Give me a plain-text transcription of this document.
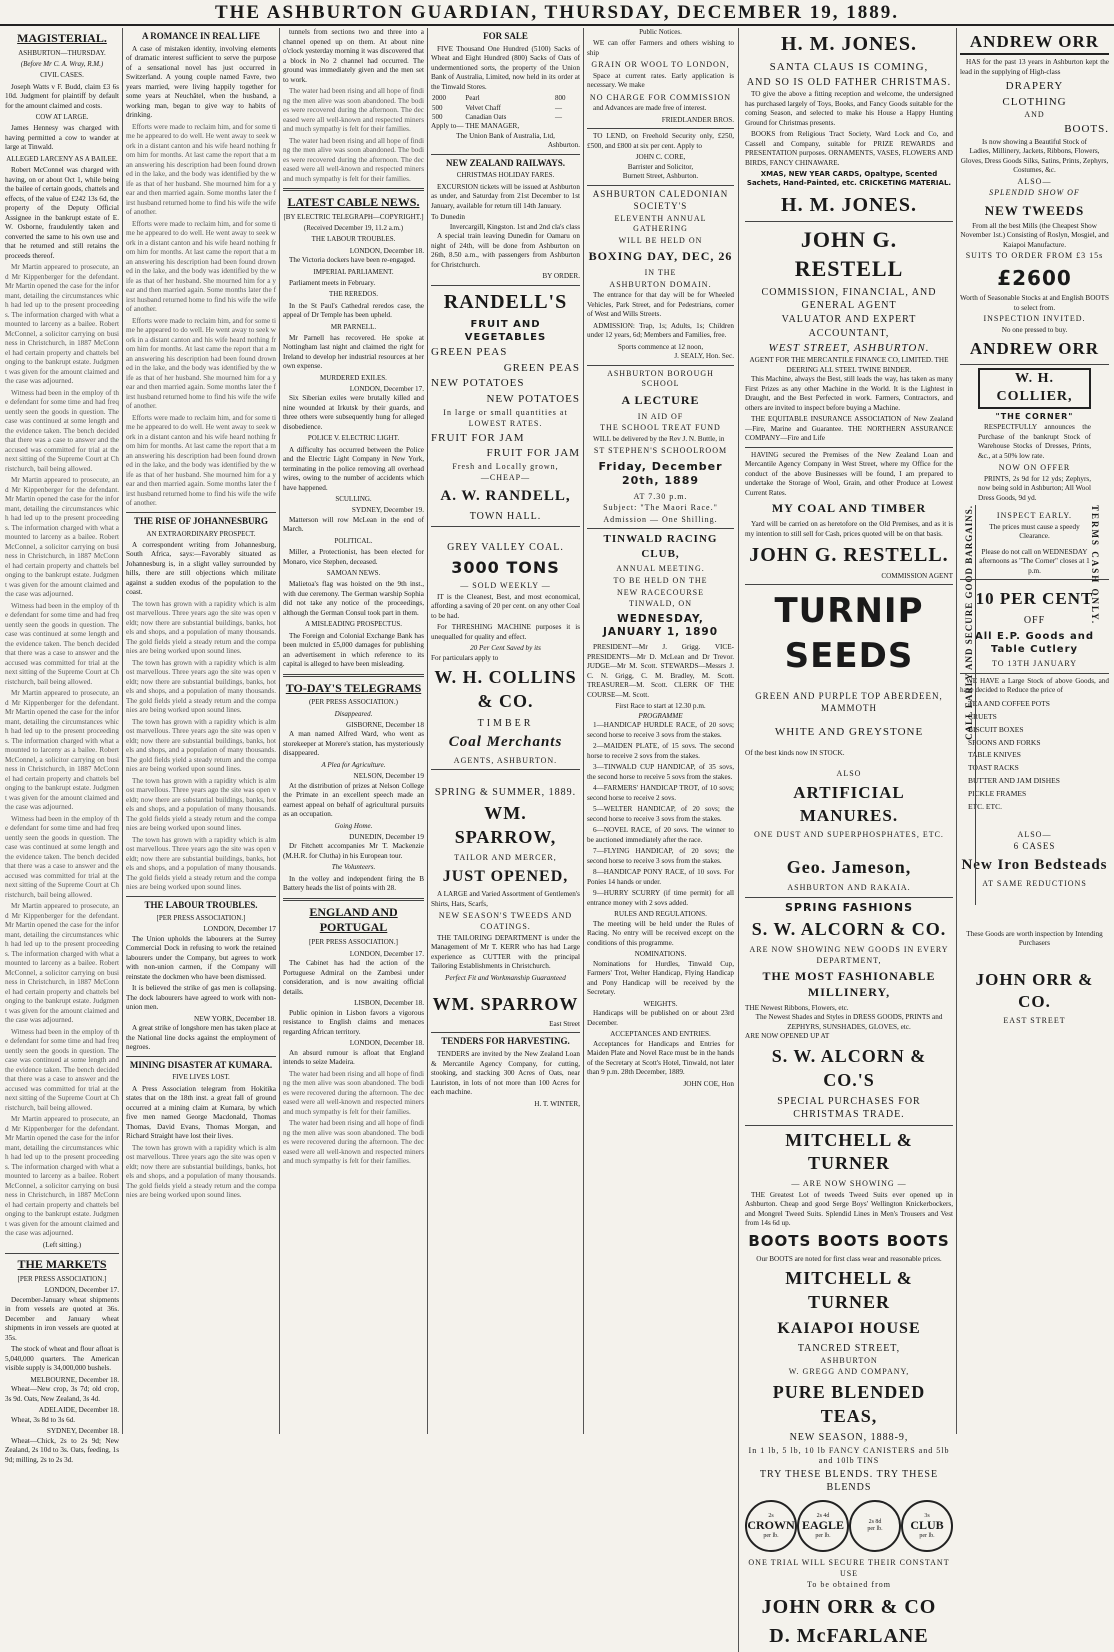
THE ASHBURTON GUARDIAN, THURSDAY, DECEMBER 19, 1889.
MAGISTERIAL.
ASHBURTON—THURSDAY.
(Before Mr C. A. Wray, R.M.)
CIVIL CASES.

Joseph Watts v F. Budd, claim £3 6s 10d. Judgment for plaintiff by default for the amount claimed and costs.

COW AT LARGE.

James Hennesy was charged with having permitted a cow to wander at large at Tinwald.

ALLEGED LARCENY AS A BAILEE.

Robert McConnel was charged with having, on or about Oct 1, while being the bailee of certain goods, chattels and effects, of the value of £242 13s 6d, the property of the Deputy Official Assignee in the bankrupt estate of E. W. Osborne, fraudulently taken and converted the same to his own use and that he returned and still retains the proceeds thereof.

Mr Martin appeared to prosecute, and Mr Kippenberger for the defendant. Mr Martin opened the case for the informant, detailing the circumstances which had led up to the present proceedings. The information charged with what amounted to larceny as a bailee. Robert McConnel, a solicitor carrying on business in Christchurch, in 1887 McConnel had certain property and chattels belonging to the bankrupt estate. Judgment was given for the amount claimed and the case was adjourned.

Witness had been in the employ of the defendant for some time and had frequently seen the goods in question. The case was continued at some length and the evidence taken. The bench decided that there was a case to answer and the accused was committed for trial at the next sitting of the Supreme Court at Christchurch, bail being allowed.

Mr Martin appeared to prosecute, and Mr Kippenberger for the defendant. Mr Martin opened the case for the informant, detailing the circumstances which had led up to the present proceedings. The information charged with what amounted to larceny as a bailee. Robert McConnel, a solicitor carrying on business in Christchurch, in 1887 McConnel had certain property and chattels belonging to the bankrupt estate. Judgment was given for the amount claimed and the case was adjourned.

Witness had been in the employ of the defendant for some time and had frequently seen the goods in question. The case was continued at some length and the evidence taken. The bench decided that there was a case to answer and the accused was committed for trial at the next sitting of the Supreme Court at Christchurch, bail being allowed.

Mr Martin appeared to prosecute, and Mr Kippenberger for the defendant. Mr Martin opened the case for the informant, detailing the circumstances which had led up to the present proceedings. The information charged with what amounted to larceny as a bailee. Robert McConnel, a solicitor carrying on business in Christchurch, in 1887 McConnel had certain property and chattels belonging to the bankrupt estate. Judgment was given for the amount claimed and the case was adjourned.

Witness had been in the employ of the defendant for some time and had frequently seen the goods in question. The case was continued at some length and the evidence taken. The bench decided that there was a case to answer and the accused was committed for trial at the next sitting of the Supreme Court at Christchurch, bail being allowed.

Mr Martin appeared to prosecute, and Mr Kippenberger for the defendant. Mr Martin opened the case for the informant, detailing the circumstances which had led up to the present proceedings. The information charged with what amounted to larceny as a bailee. Robert McConnel, a solicitor carrying on business in Christchurch, in 1887 McConnel had certain property and chattels belonging to the bankrupt estate. Judgment was given for the amount claimed and the case was adjourned.

Witness had been in the employ of the defendant for some time and had frequently seen the goods in question. The case was continued at some length and the evidence taken. The bench decided that there was a case to answer and the accused was committed for trial at the next sitting of the Supreme Court at Christchurch, bail being allowed.

Mr Martin appeared to prosecute, and Mr Kippenberger for the defendant. Mr Martin opened the case for the informant, detailing the circumstances which had led up to the present proceedings. The information charged with what amounted to larceny as a bailee. Robert McConnel, a solicitor carrying on business in Christchurch, in 1887 McConnel had certain property and chattels belonging to the bankrupt estate. Judgment was given for the amount claimed and the case was adjourned.

(Left sitting.)
THE MARKETS
[PER PRESS ASSOCIATION.]
LONDON, December 17.

December-January wheat shipments in from vessels are quoted at 36s. December and January wheat shipments in iron vessels are quoted at 35s.

The stock of wheat and flour afloat is 5,040,000 quarters. The American visible supply is 34,000,000 bushels.

MELBOURNE, December 18.

Wheat—New crop, 3s 7d; old crop, 3s 9d. Oats, New Zealand, 3s 4d.

ADELAIDE, December 18.

Wheat, 3s 8d to 3s 6d.

SYDNEY, December 18.

Wheat—Chick, 2s to 2s 9d; New Zealand, 2s 10d to 3s. Oats, feeding, 1s 9d; milling, 2s to 2s 3d.

A ROMANCE IN REAL LIFE

A case of mistaken identity, involving elements of dramatic interest sufficient to serve the purpose of a sensational novel has just occurred in Switzerland. A young couple named Favre, two years married, were living happily together for some years at Neuchâtel, when the husband, a working man, began to give way to habits of drinking.

Efforts were made to reclaim him, and for some time he appeared to do well. He went away to seek work in a distant canton and his wife heard nothing from him for months. At last came the report that a man answering his description had been found drowned in the lake, and the body was identified by the wife as that of her husband. She mourned him for a year and then married again. Some months later the first husband returned home to find his wife the wife of another.

Efforts were made to reclaim him, and for some time he appeared to do well. He went away to seek work in a distant canton and his wife heard nothing from him for months. At last came the report that a man answering his description had been found drowned in the lake, and the body was identified by the wife as that of her husband. She mourned him for a year and then married again. Some months later the first husband returned home to find his wife the wife of another.

Efforts were made to reclaim him, and for some time he appeared to do well. He went away to seek work in a distant canton and his wife heard nothing from him for months. At last came the report that a man answering his description had been found drowned in the lake, and the body was identified by the wife as that of her husband. She mourned him for a year and then married again. Some months later the first husband returned home to find his wife the wife of another.

Efforts were made to reclaim him, and for some time he appeared to do well. He went away to seek work in a distant canton and his wife heard nothing from him for months. At last came the report that a man answering his description had been found drowned in the lake, and the body was identified by the wife as that of her husband. She mourned him for a year and then married again. Some months later the first husband returned home to find his wife the wife of another.

THE RISE OF JOHANNESBURG
AN EXTRAORDINARY PROSPECT.

A correspondent writing from Johannesburg, South Africa, says:—Favorably situated as Johannesburg is, in a slight valley surrounded by hills, there are still objections which militate against a sudden exodus of the population to the coast.

The town has grown with a rapidity which is almost marvellous. Three years ago the site was open veldt; now there are substantial buildings, banks, hotels and shops, and a population of many thousands. The gold fields yield a steady return and the companies are being worked upon sound lines.

The town has grown with a rapidity which is almost marvellous. Three years ago the site was open veldt; now there are substantial buildings, banks, hotels and shops, and a population of many thousands. The gold fields yield a steady return and the companies are being worked upon sound lines.

The town has grown with a rapidity which is almost marvellous. Three years ago the site was open veldt; now there are substantial buildings, banks, hotels and shops, and a population of many thousands. The gold fields yield a steady return and the companies are being worked upon sound lines.

The town has grown with a rapidity which is almost marvellous. Three years ago the site was open veldt; now there are substantial buildings, banks, hotels and shops, and a population of many thousands. The gold fields yield a steady return and the companies are being worked upon sound lines.

The town has grown with a rapidity which is almost marvellous. Three years ago the site was open veldt; now there are substantial buildings, banks, hotels and shops, and a population of many thousands. The gold fields yield a steady return and the companies are being worked upon sound lines.

THE LABOUR TROUBLES.
[PER PRESS ASSOCIATION.]
LONDON, December 17

The Union upholds the labourers at the Surrey Commercial Dock in refusing to work the retained labourers under the Company, but agrees to work with non-union carmen, if the Company will reinstate the dockmen who have been dismissed.

It is believed the strike of gas men is collapsing. The dock labourers have agreed to work with non-union men.

NEW YORK, December 18.

A great strike of longshore men has taken place at the National line docks against the employment of negroes.

MINING DISASTER AT KUMARA.
FIVE LIVES LOST.

A Press Association telegram from Hokitika states that on the 18th inst. a great fall of ground occurred at a mining claim at Kumara, by which five men named George Macdonald, Thomas Thomas, David Evans, Thomas Morgan, and Richard Straight have lost their lives.

The town has grown with a rapidity which is almost marvellous. Three years ago the site was open veldt; now there are substantial buildings, banks, hotels and shops, and a population of many thousands. The gold fields yield a steady return and the companies are being worked upon sound lines.

tunnels from sections two and three into a channel opened up on them. At about nine o'clock yesterday morning it was discovered that a block in No 2 channel had occurred. The ground was immediately given and the men set to work.

The water had been rising and all hope of finding the men alive was soon abandoned. The bodies were recovered during the afternoon. The deceased were all well-known and respected miners and much sympathy is felt for their families.

The water had been rising and all hope of finding the men alive was soon abandoned. The bodies were recovered during the afternoon. The deceased were all well-known and respected miners and much sympathy is felt for their families.

LATEST CABLE NEWS.
[BY ELECTRIC TELEGRAPH—COPYRIGHT.]
(Received December 19, 11.2 a.m.)
THE LABOUR TROUBLES.
LONDON, December 18.

The Victoria dockers have been re-engaged.

IMPERIAL PARLIAMENT.

Parliament meets in February.

THE REREDOS.

In the St Paul's Cathedral reredos case, the appeal of Dr Temple has been upheld.

MR PARNELL.

Mr Parnell has recovered. He spoke at Nottingham last night and claimed the right for Ireland to develop her industrial resources at her own expense.

MURDERED EXILES.
LONDON, December 17.

Six Siberian exiles were brutally killed and nine wounded at Irkutsk by their guards, and three others were subsequently hung for alleged disobedience.

POLICE V. ELECTRIC LIGHT.

A difficulty has occurred between the Police and the Electric Light Company in New York, terminating in the police removing all overhead wires, owing to the number of accidents which have happened.

SCULLING.
SYDNEY, December 19.

Matterson will row McLean in the end of March.

POLITICAL.

Miller, a Protectionist, has been elected for Monaro, vice Stephen, deceased.

SAMOAN NEWS.

Malietoa's flag was hoisted on the 9th inst., with due ceremony. The German warship Sophia did not take any notice of the proceedings, although the German Consul took part in them.

A MISLEADING PROSPECTUS.

The Foreign and Colonial Exchange Bank has been mulcted in £5,000 damages for publishing an advertisement in which reference to its capital is alleged to have been misleading.

TO-DAY'S TELEGRAMS
(PER PRESS ASSOCIATION.)
Disappeared.
GISBORNE, December 18

A man named Alfred Ward, who went as storekeeper at Morere's station, has mysteriously disappeared.

A Plea for Agriculture.
NELSON, December 19

At the distribution of prizes at Nelson College the Primate in an excellent speech made an earnest appeal on behalf of agricultural pursuits as an occupation.

Going Home.
DUNEDIN, December 19

Dr Fitchett accompanies Mr T. Mackenzie (M.H.R. for Clutha) in his European tour.

The Volunteers.

In the volley and independent firing the B Battery heads the list of points with 28.

ENGLAND AND PORTUGAL
[PER PRESS ASSOCIATION.]
LONDON, December 17.

The Cabinet has had the action of the Portuguese Admiral on the Zambesi under consideration, and is now awaiting official details.

LISBON, December 18.

Public opinion in Lisbon favors a vigorous resistance to English claims and menaces regarding African territory.

LONDON, December 18.

An absurd rumour is afloat that England intends to seize Madeira.

The water had been rising and all hope of finding the men alive was soon abandoned. The bodies were recovered during the afternoon. The deceased were all well-known and respected miners and much sympathy is felt for their families.

The water had been rising and all hope of finding the men alive was soon abandoned. The bodies were recovered during the afternoon. The deceased were all well-known and respected miners and much sympathy is felt for their families.

FOR SALE

FIVE Thousand One Hundred (5100) Sacks of Wheat and Eight Hundred (800) Sacks of Oats of undermentioned sorts, the property of the Union Bank of Australia, Limited, now held in its order at the Tinwald Stores.

2000	Pearl	800
500	Velvet Chaff	—
500	Canadian Oats	—
Apply to— THE MANAGER,
The Union Bank of Australia, Ltd,
Ashburton.
NEW ZEALAND RAILWAYS.
CHRISTMAS HOLIDAY FARES.

EXCURSION tickets will be issued at Ashburton as under, and Saturday from 21st December to 1st January, available for return till 14th January.

To Dunedin
Invercargill, Kingston. 1st and 2nd cla's class

A special train leaving Dunedin for Oamaru on night of 24th, will be done from Ashburton on 26th, 8.50 a.m., with passengers from Ashburton for Christchurch.

BY ORDER.
RANDELL'S
FRUIT AND VEGETABLES
GREEN PEAS
GREEN PEAS
NEW POTATOES
NEW POTATOES
In large or small quantities at
LOWEST RATES.
FRUIT FOR JAM
FRUIT FOR JAM
Fresh and Locally grown,
—CHEAP—
A. W. RANDELL,
TOWN HALL.
GREY VALLEY COAL.
3000 TONS
— SOLD WEEKLY —

IT is the Cleanest, Best, and most economical, affording a saving of 20 per cent. on any other Coal to be had.

For THRESHING MACHINE purposes it is unequalled for quality and effect.

20 Per Cent Saved by its
For particulars apply to
W. H. COLLINS & CO.
TIMBER
Coal Merchants
AGENTS, ASHBURTON.
SPRING & SUMMER, 1889.
WM. SPARROW,
TAILOR AND MERCER,
JUST OPENED,

A LARGE and Varied Assortment of Gentlemen's Shirts, Hats, Scarfs,

NEW SEASON'S TWEEDS AND COATINGS.

THE TAILORING DEPARTMENT is under the Management of Mr T. KERR who has had Large experience as CUTTER with the principal Tailoring Establishments in Christchurch.

Perfect Fit and Workmanship Guaranteed
WM. SPARROW
East Street
TENDERS FOR HARVESTING.

TENDERS are invited by the New Zealand Loan & Mercantile Agency Company, for cutting, stooking, and stacking 300 Acres of Oats, near Lauriston, in lots of not more than 100 Acres for each machine.

H. T. WINTER,
Public Notices.

WE can offer Farmers and others wishing to ship

GRAIN OR WOOL TO LONDON,

Space at current rates. Early application is necessary. We make

NO CHARGE FOR COMMISSION

and Advances are made free of interest.

FRIEDLANDER BROS.

TO LEND, on Freehold Security only, £250, £500, and £800 at six per cent. Apply to

JOHN C. CORE,
Barrister and Solicitor,
Burnett Street, Ashburton.
ASHBURTON CALEDONIAN SOCIETY'S
ELEVENTH ANNUAL GATHERING
WILL BE HELD ON
BOXING DAY, DEC, 26
IN THE
ASHBURTON DOMAIN.

The entrance for that day will be for Wheeled Vehicles, Park Street, and for Pedestrians, corner of West and Wills Streets.

ADMISSION: Trap, 1s; Adults, 1s; Children under 12 years, 6d; Members and Families, free.

Sports commence at 12 noon,
J. SEALY, Hon. Sec.
ASHBURTON BOROUGH SCHOOL
A LECTURE
IN AID OF
THE SCHOOL TREAT FUND

WILL be delivered by the Rev J. N. Buttle, in

ST STEPHEN'S SCHOOLROOM
Friday, December 20th, 1889
AT 7.30 p.m.
Subject: "The Maori Race."
Admission — One Shilling.
TINWALD RACING CLUB,
ANNUAL MEETING.
TO BE HELD ON THE
NEW RACECOURSE
TINWALD, ON
WEDNESDAY, JANUARY 1, 1890

PRESIDENT—Mr J. Grigg. VICE-PRESIDENTS—Mr D. McLean and Dr Trevor. JUDGE—Mr M. Scott. STEWARDS—Messrs J. C. N. Grigg, C. M. Bradley, M. Scott. TREASURER—M. Scott. CLERK OF THE COURSE—M. Scott.

First Race to start at 12.30 p.m.
PROGRAMME

1—HANDICAP HURDLE RACE, of 20 sovs; second horse to receive 3 sovs from the stakes.

2—MAIDEN PLATE, of 15 sovs. The second horse to receive 2 sovs from the stakes.

3—TINWALD CUP HANDICAP, of 35 sovs, the second horse to receive 5 sovs from the stakes.

4—FARMERS' HANDICAP TROT, of 10 sovs; second horse to receive 2 sovs.

5—WELTER HANDICAP, of 20 sovs; the second horse to receive 3 sovs from the stakes.

6—NOVEL RACE, of 20 sovs. The winner to be auctioned immediately after the race.

7—FLYING HANDICAP, of 20 sovs; the second horse to receive 3 sovs from the stakes.

8—HANDICAP PONY RACE, of 10 sovs. For Ponies 14 hands or under.

9—HURRY SCURRY (if time permit) for all entrance money with 2 sovs added.

RULES AND REGULATIONS.

The meeting will be held under the Rules of Racing. No entry will be received except on the conditions of this programme.

NOMINATIONS.

Nominations for Hurdles, Tinwald Cup, Farmers' Trot, Welter Handicap, Flying Handicap and Pony Handicap will be received by the Secretary.

WEIGHTS.

Handicaps will be published on or about 23rd December.

ACCEPTANCES AND ENTRIES.

Acceptances for Handicaps and Entries for Maiden Plate and Novel Race must be in the hands of the Secretary at Scott's Hotel, Tinwald, not later than 9 p.m. 28th December, 1889.

JOHN COE, Hon
H. M. JONES.
SANTA CLAUS IS COMING,
AND SO IS OLD FATHER CHRISTMAS.

TO give the above a fitting reception and welcome, the undersigned has purchased largely of Toys, Books, and Fancy Goods suitable for the coming Season, and selected to make his House a Happy Hunting Ground for Christmas presents.

BOOKS from Religious Tract Society, Ward Lock and Co, and Cassell and Company, suitable for PRIZE REWARDS and PRESENTATION purposes. ORNAMENTS, VASES, FLOWERS AND BIRDS, FANCY CHINAWARE.

XMAS, NEW YEAR CARDS, Opaltype, Scented Sachets, Hand-Painted, etc. CRICKETING MATERIAL.
H. M. JONES.
JOHN G. RESTELL
COMMISSION, FINANCIAL, AND GENERAL AGENT
VALUATOR AND EXPERT ACCOUNTANT,
WEST STREET, ASHBURTON.
AGENT FOR THE MERCANTILE FINANCE CO, LIMITED. THE DEERING ALL STEEL TWINE BINDER.

This Machine, always the Best, still leads the way, has taken as many First Prizes as any other Machine in the World. It is the Lightest in Draught, and the Best Perfected in work. Farmers, Contractors, and others are invited to inspect before buying a Machine.

THE EQUITABLE INSURANCE ASSOCIATION of New Zealand—Fire, Marine and Guarantee. THE NORTHERN ASSURANCE COMPANY—Fire and Life

HAVING secured the Premises of the New Zealand Loan and Mercantile Agency Company in West Street, where my Office for the conduct of the above Businesses will be found, I am prepared to undertake the Storage of Wool, Grain, and other Produce at Lowest Current Rates.

MY COAL AND TIMBER

Yard will be carried on as heretofore on the Old Premises, and as it is my intention to still sell for Cash, prices quoted will be on that basis.

JOHN G. RESTELL.
COMMISSION AGENT
TURNIP SEEDS
GREEN AND PURPLE TOP ABERDEEN, MAMMOTH
WHITE AND GREYSTONE
Of the best kinds now IN STOCK.
ALSO
ARTIFICIAL MANURES.
ONE DUST AND SUPERPHOSPHATES, ETC.
Geo. Jameson,
ASHBURTON AND RAKAIA.
SPRING FASHIONS
S. W. ALCORN & CO.
ARE NOW SHOWING NEW GOODS IN EVERY DEPARTMENT,
THE MOST FASHIONABLE MILLINERY,
THE Newest Ribbons, Flowers, etc.
The Newest Shades and Styles in DRESS GOODS, PRINTS and ZEPHYRS, SUNSHADES, GLOVES, etc.
ARE NOW OPENED UP AT
S. W. ALCORN & CO.'S
SPECIAL PURCHASES FOR CHRISTMAS TRADE.
MITCHELL & TURNER
— ARE NOW SHOWING —

THE Greatest Lot of tweeds Tweed Suits ever opened up in Ashburton. Cheap and good Serge Boys' Wellington Knickerbockers, and Mongrel Tweed Suits. Splendid Lines in Men's Trousers and Vest from 14s 6d up.

BOOTS BOOTS BOOTS
Our BOOTS are noted for first class wear and reasonable prices.
MITCHELL & TURNER
KAIAPOI HOUSE
TANCRED STREET,
ASHBURTON
W. GREGG AND COMPANY,
PURE BLENDED TEAS,
NEW SEASON, 1888-9,
In 1 lb, 5 lb, 10 lb FANCY CANISTERS and 5lb and 10lb TINS
TRY THESE BLENDS. TRY THESE BLENDS
2s
CROWN
per lb.
2s 4d
EAGLE
per lb.
2s 8d
per lb.
3s
CLUB
per lb.
ONE TRIAL WILL SECURE THEIR CONSTANT USE
To be obtained from
JOHN ORR & CO
D. McFARLANE
ANDREW ORR

HAS for the past 13 years in Ashburton kept the lead in the supplying of High-class

DRAPERY
CLOTHING
AND
BOOTS.
Is now showing a Beautiful Stock of
Ladies, Millinery, Jackets, Ribbons, Flowers, Gloves, Dress Goods Silks, Satins, Prints, Zephyrs, Costumes, &c.
ALSO—
SPLENDID SHOW OF
NEW TWEEDS
From all the best Mills (the Cheapest Show November 1st.) Consisting of Roslyn, Mosgiel, and Kaiapoi Manufacture.
SUITS TO ORDER FROM £3 15s
£2600
Worth of Seasonable Stocks at and English BOOTS to select from.
INSPECTION INVITED.
No one pressed to buy.
ANDREW ORR
W. H. COLLIER,
"THE CORNER"

RESPECTFULLY announces the Purchase of the bankrupt Stock of Warehouse Stocks of Dresses, Prints, &c., at a 50% low rate.

NOW ON OFFER

PRINTS, 2s 9d for 12 yds; Zephyrs, now being sold in Ashburton; All Wool Dress Goods, 9d yd.

INSPECT EARLY.
The prices must cause a speedy Clearance.
Please do not call on WEDNESDAY afternoons as "The Corner" closes at 1 p.m.
10 PER CENT
OFF
All E.P. Goods and Table Cutlery
TO 13TH JANUARY

WE HAVE a Large Stock of above Goods, and have decided to Reduce the price of

TEA AND COFFEE POTS
CRUETS
BISCUIT BOXES
SPOONS AND FORKS
TABLE KNIVES
TOAST RACKS
BUTTER AND JAM DISHES
PICKLE FRAMES
ETC. ETC.
ALSO—
6 CASES
New Iron Bedsteads
AT SAME REDUCTIONS
These Goods are worth inspection by Intending Purchasers
JOHN ORR & CO.
EAST STREET
CALL EARLY AND SECURE GOOD BARGAINS.	TERMS CASH ONLY.
